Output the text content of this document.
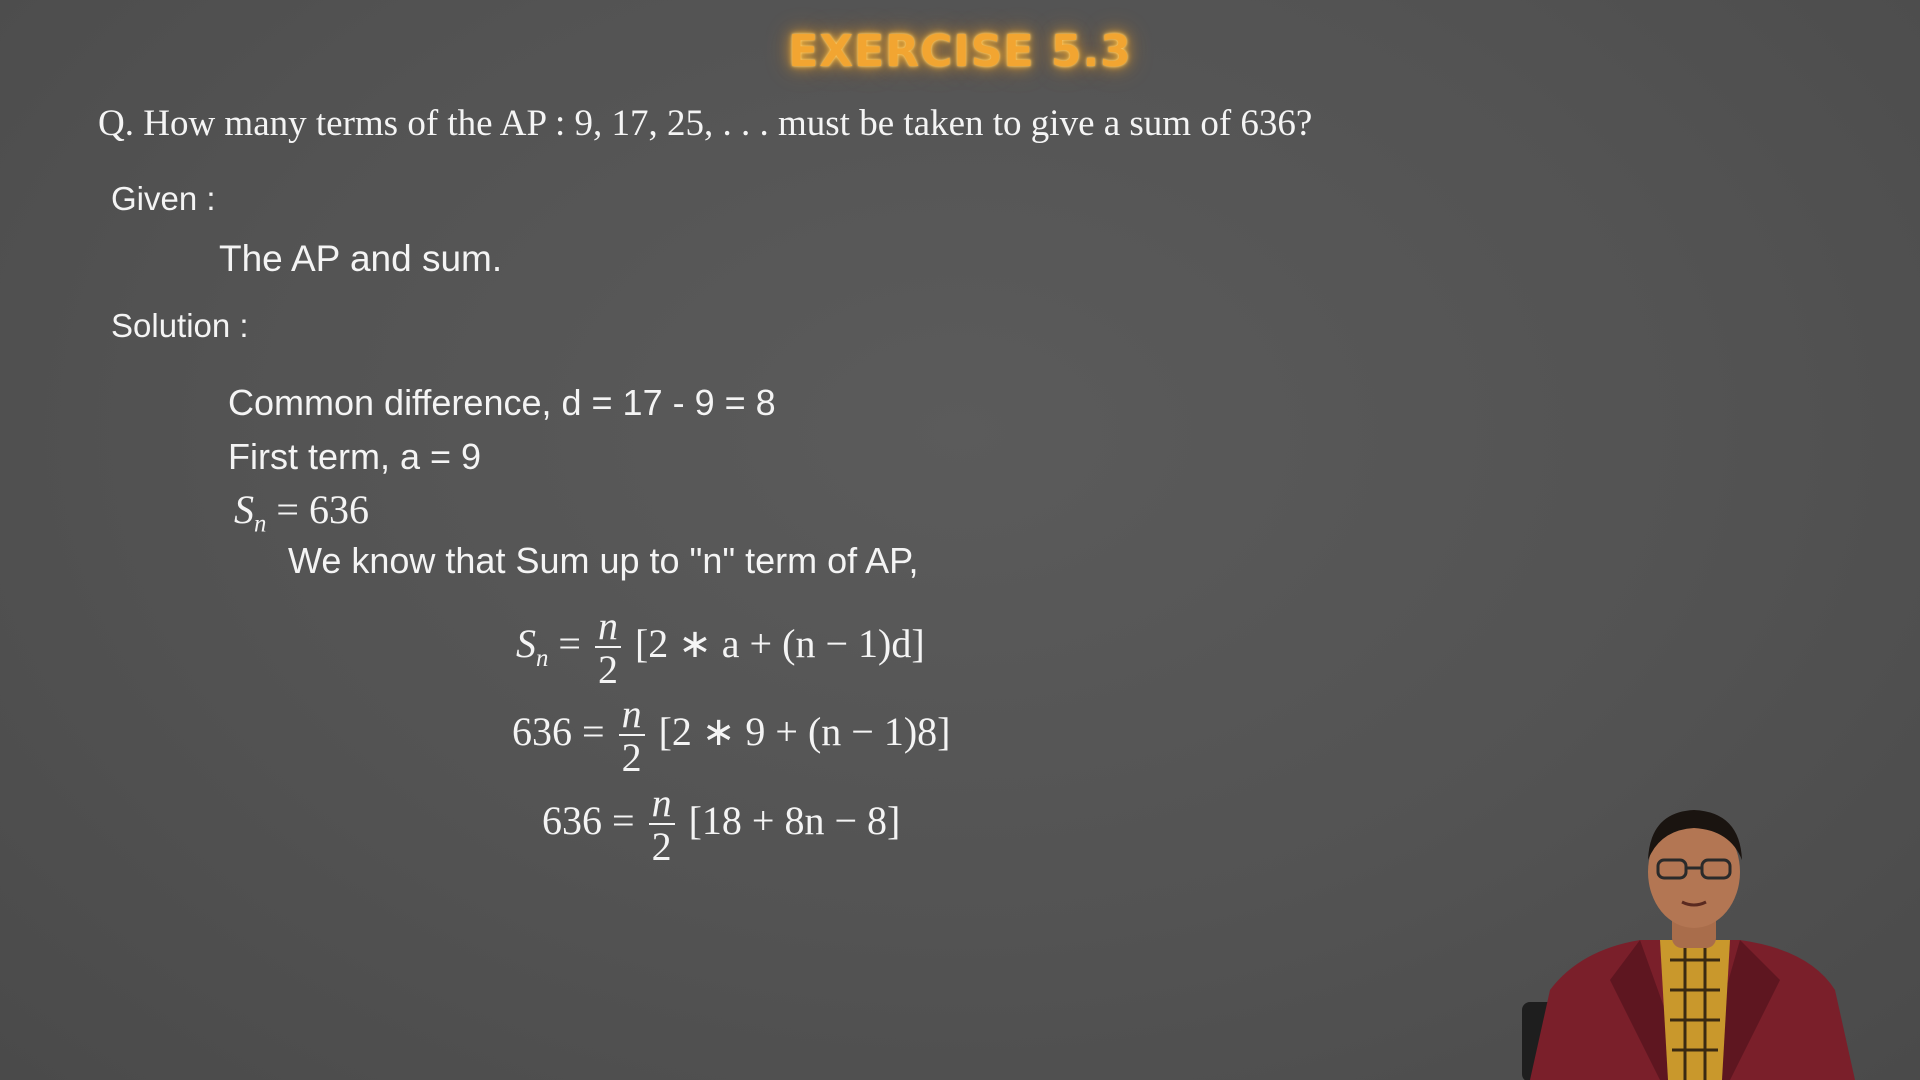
EXERCISE 5.3
Q. How many terms of the AP : 9, 17, 25, . . . must be taken to give a sum of 636?
Given :
The AP and sum.
Solution :
Common difference, d = 17 - 9 = 8
First term, a = 9
$S_n = 636$
We know that Sum up to "n" term of AP,
$S_n = \frac{n}{2} [2$ ∗ a + (n − 1)d]
$636 = \frac{n}{2} [2$ ∗ 9 + (n − 1)8]
$636 = \frac{n}{2} [18 + 8n - 8]$
